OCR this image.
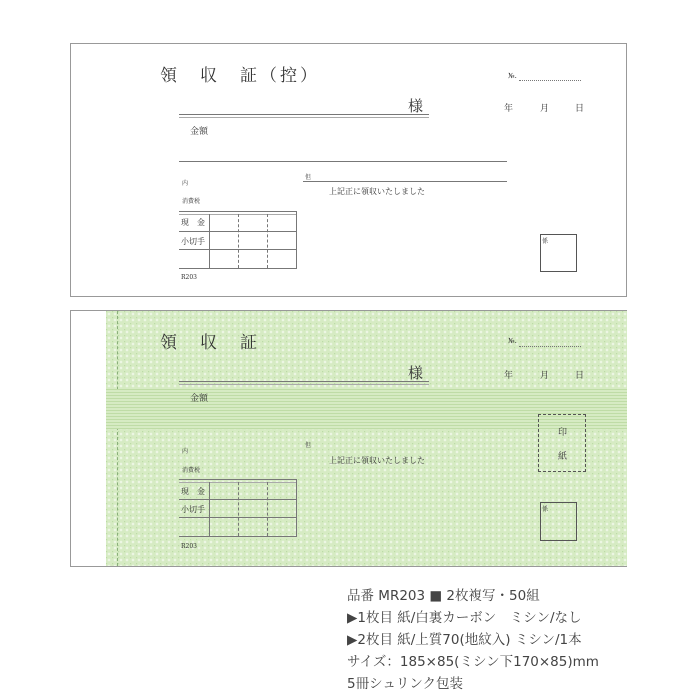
領　収　証（控）	№.
様	年	月	日
金額
内
消費税
但
上記正に領収いたしました
現　金
小切手
R203
係
領　収　証	№.
様	年	月	日
金額
内
消費税
但
上記正に領収いたしました
現　金
小切手
R203
印
紙
係
品番 MR203 ■ 2枚複写・50組
▶1枚目 紙/白裏カーボン　ミシン/なし
▶2枚目 紙/上質70(地紋入) ミシン/1本
サイズ：185×85(ミシン下170×85)mm
5冊シュリンク包装
